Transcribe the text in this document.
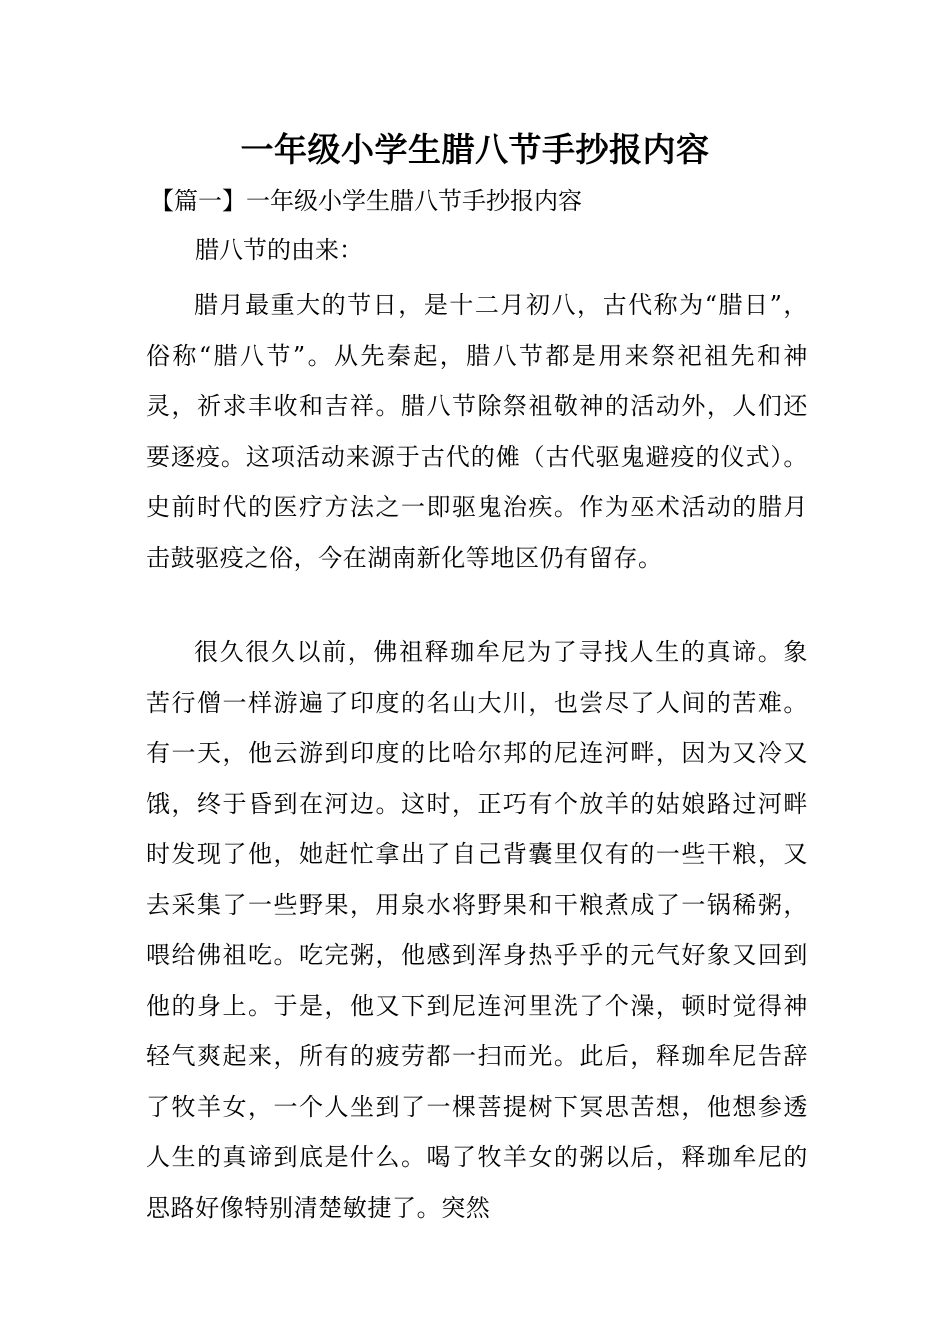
一年级小学生腊八节手抄报内容
【篇一】一年级小学生腊八节手抄报内容
腊八节的由来：
腊月最重大的节日，是十二月初八，古代称为“腊日”，俗称“腊八节”。从先秦起，腊八节都是用来祭祀祖先和神灵，祈求丰收和吉祥。腊八节除祭祖敬神的活动外，人们还要逐疫。这项活动来源于古代的傩（古代驱鬼避疫的仪式）。史前时代的医疗方法之一即驱鬼治疾。作为巫术活动的腊月击鼓驱疫之俗，今在湖南新化等地区仍有留存。
很久很久以前，佛祖释珈牟尼为了寻找人生的真谛。象苦行僧一样游遍了印度的名山大川，也尝尽了人间的苦难。有一天，他云游到印度的比哈尔邦的尼连河畔，因为又冷又饿，终于昏到在河边。这时，正巧有个放羊的姑娘路过河畔时发现了他，她赶忙拿出了自己背囊里仅有的一些干粮，又去采集了一些野果，用泉水将野果和干粮煮成了一锅稀粥，喂给佛祖吃。吃完粥，他感到浑身热乎乎的元气好象又回到他的身上。于是，他又下到尼连河里洗了个澡，顿时觉得神轻气爽起来，所有的疲劳都一扫而光。此后，释珈牟尼告辞了牧羊女，一个人坐到了一棵菩提树下冥思苦想，他想参透人生的真谛到底是什么。喝了牧羊女的粥以后，释珈牟尼的思路好像特别清楚敏捷了。突然
